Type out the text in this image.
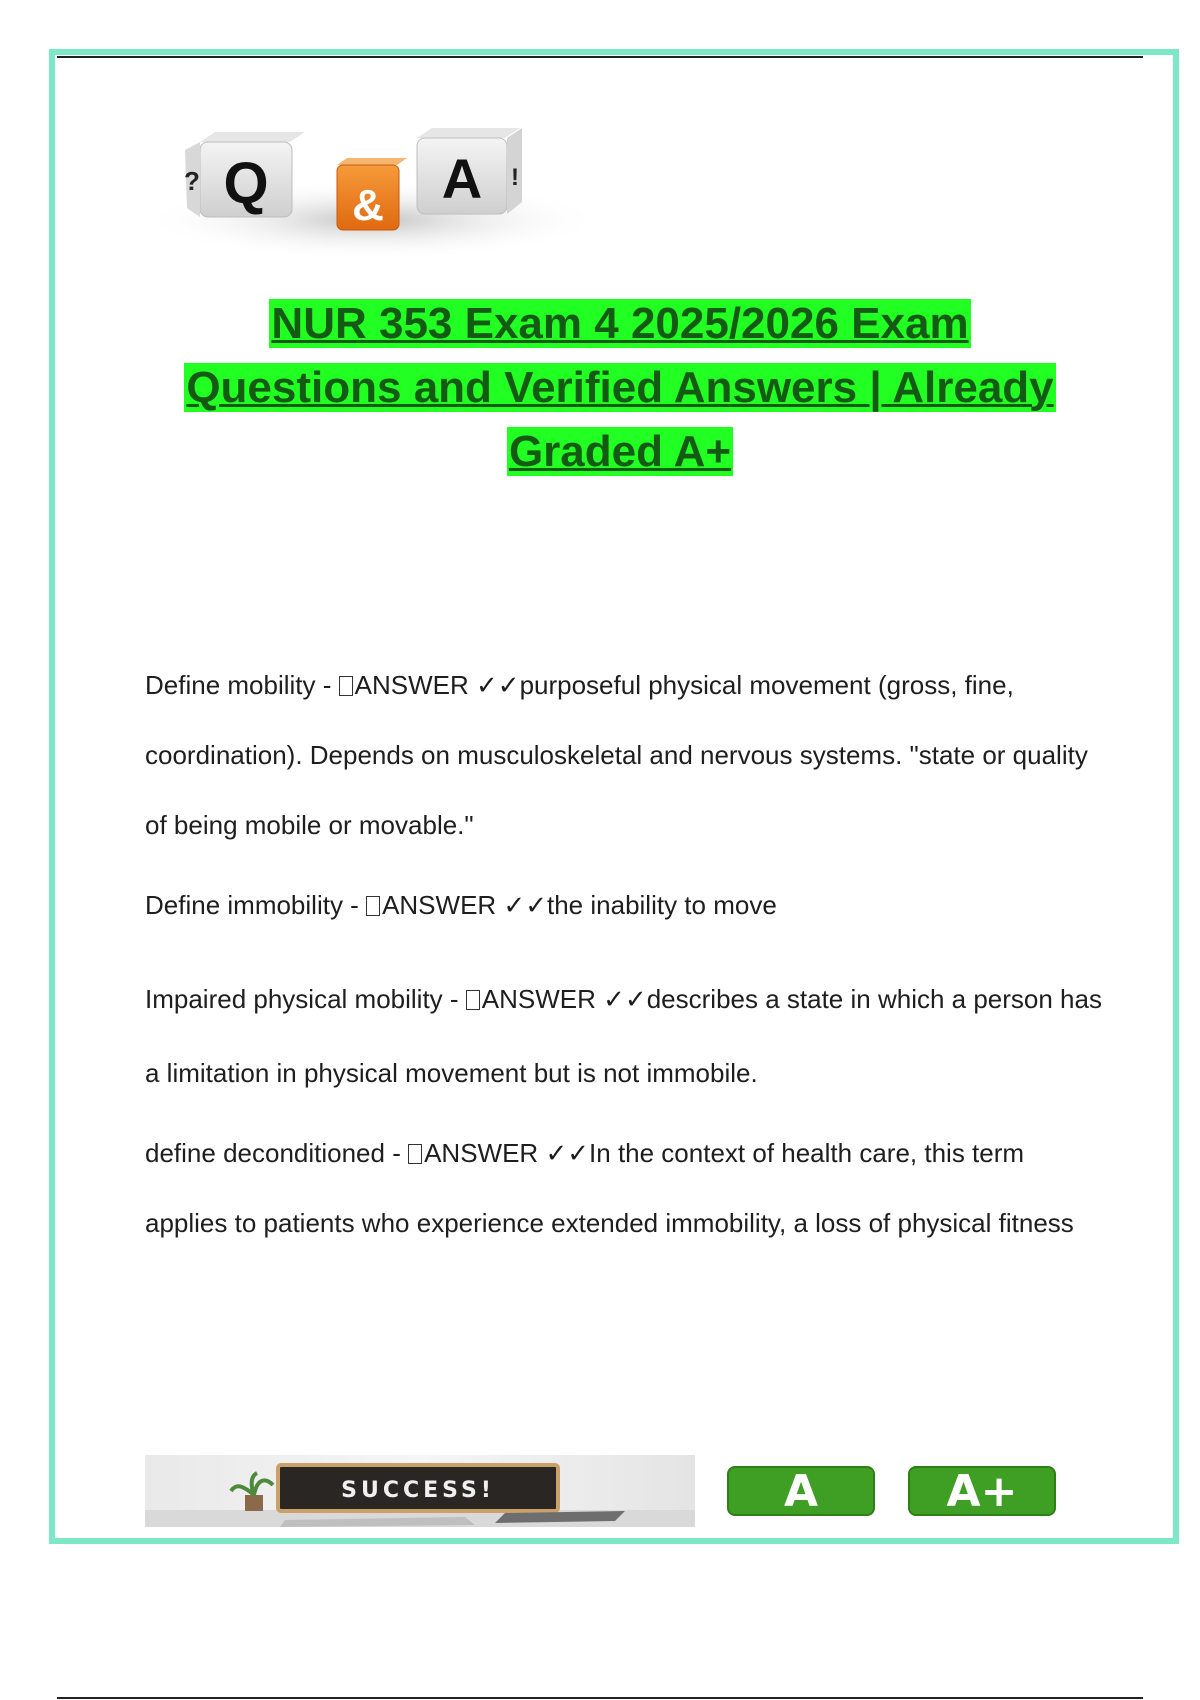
Q
?	& A !
NUR 353 Exam 4 2025/2026 Exam Questions and Verified Answers | Already Graded A+
Define mobility - ANSWER ✓✓purposeful physical movement (gross, fine, coordination). Depends on musculoskeletal and nervous systems. "state or quality of being mobile or movable."
Define immobility - ANSWER ✓✓the inability to move
Impaired physical mobility - ANSWER ✓✓describes a state in which a person has a limitation in physical movement but is not immobile.
define deconditioned - ANSWER ✓✓In the context of health care, this term applies to patients who experience extended immobility, a loss of physical fitness
SUCCESS!	A	A+
